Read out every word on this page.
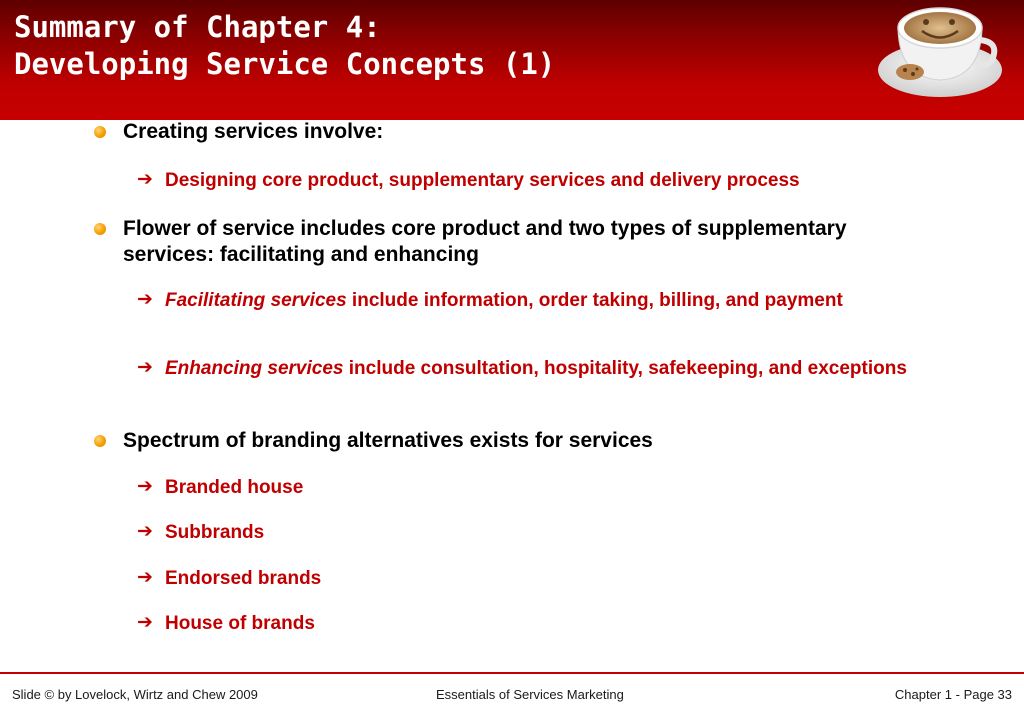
Summary of Chapter 4:
Developing Service Concepts (1)
Creating services involve:
➔ Designing core product, supplementary services and delivery process
Flower of service includes core product and two types of supplementary services: facilitating and enhancing
➔ Facilitating services include information, order taking, billing, and payment
➔ Enhancing services include consultation, hospitality, safekeeping, and exceptions
Spectrum of branding alternatives exists for services
➔ Branded house
➔ Subbrands
➔ Endorsed brands
➔ House of brands
Slide © by Lovelock, Wirtz and Chew 2009	Essentials of Services Marketing	Chapter 1 - Page 33
